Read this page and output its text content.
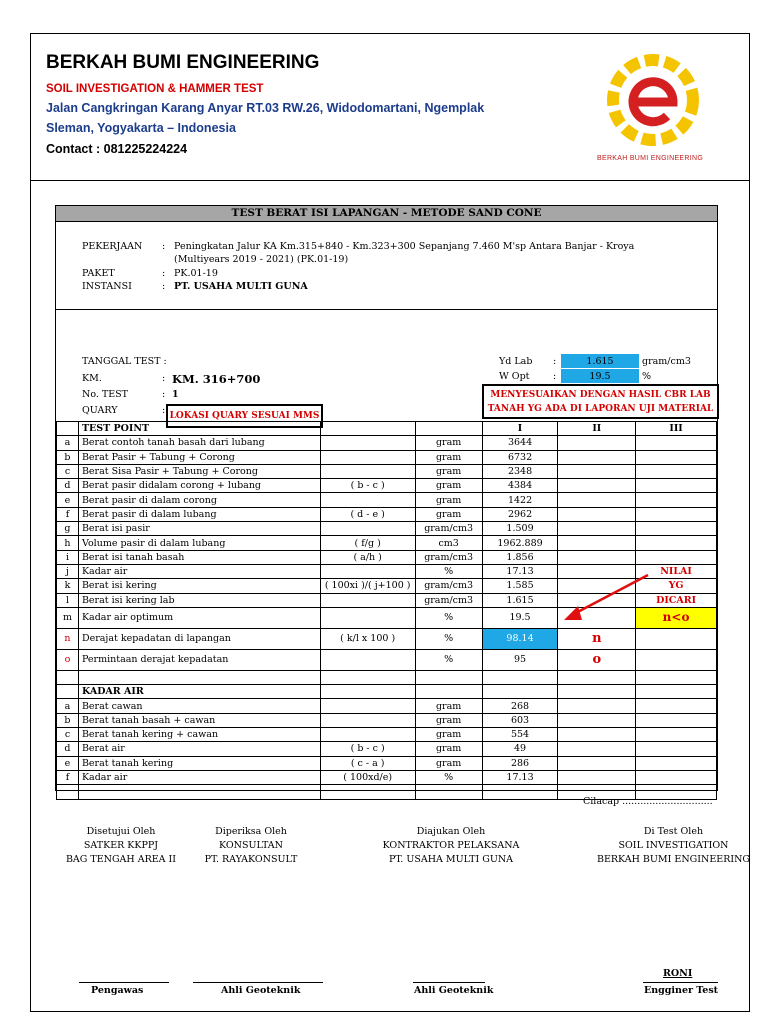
BERKAH BUMI ENGINEERING
SOIL INVESTIGATION & HAMMER TEST
Jalan Cangkringan Karang Anyar RT.03 RW.26, Widodomartani, Ngemplak
Sleman, Yogyakarta – Indonesia
Contact : 081225224224
BERKAH BUMI ENGINEERING
TEST BERAT ISI LAPANGAN - METODE SAND CONE
PEKERJAAN : Peningkatan Jalur KA Km.315+840 - Km.323+300 Sepanjang 7.460 M'sp Antara Banjar - Kroya
(Multiyears 2019 - 2021) (PK.01-19)
PAKET	: PK.01-19
INSTANSI	: PT. USAHA MULTI GUNA
TANGGAL TEST :
KM.	: KM. 316+700
No. TEST	: 1
QUARY	: LOKASI QUARY SESUAI MMS
Yd Lab :	1.615	gram/cm3
W Opt :	19.5	%
MENYESUAIKAN DENGAN HASIL CBR LAB
TANAH YG ADA DI LAPORAN UJI MATERIAL
	TEST POINT			I	II	III
a	Berat contoh tanah basah dari lubang		gram	3644		
b	Berat Pasir + Tabung + Corong		gram	6732		
c	Berat Sisa Pasir + Tabung + Corong		gram	2348		
d	Berat pasir didalam corong + lubang	( b - c )	gram	4384		
e	Berat pasir di dalam corong		gram	1422		
f	Berat pasir di dalam lubang	( d - e )	gram	2962		
g	Berat isi pasir		gram/cm3	1.509		
h	Volume pasir di dalam lubang	( f/g )	cm3	1962.889		
i	Berat isi tanah basah	( a/h )	gram/cm3	1.856		
j	Kadar air		%	17.13		NILAI
k	Berat isi kering	( 100xi )/( j+100 )	gram/cm3	1.585		YG
l	Berat isi kering lab		gram/cm3	1.615		DICARI
m	Kadar air optimum		%	19.5		n<o
n	Derajat kepadatan di lapangan	( k/l x 100 )	%	98.14	n	
o	Permintaan derajat kepadatan		%	95	o	

	KADAR AIR					
a	Berat cawan		gram	268		
b	Berat tanah basah + cawan		gram	603		
c	Berat tanah kering + cawan		gram	554		
d	Berat air	( b - c )	gram	49		
e	Berat tanah kering	( c - a )	gram	286		
f	Kadar air	( 100xd/e)	%	17.13		

Cilacap ..............................
Disetujui Oleh
SATKER KKPPJ
BAG TENGAH AREA II
Diperiksa Oleh
KONSULTAN
PT. RAYAKONSULT
Diajukan Oleh
KONTRAKTOR PELAKSANA
PT. USAHA MULTI GUNA
Di Test Oleh
SOIL INVESTIGATION
BERKAH BUMI ENGINEERING
RONI
Pengawas	Ahli Geoteknik	Ahli Geoteknik	Engginer Test
